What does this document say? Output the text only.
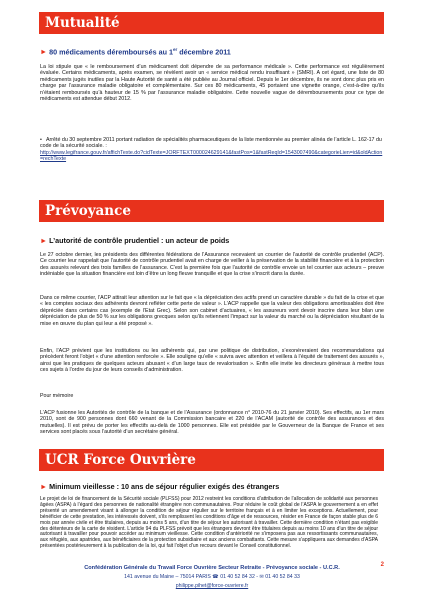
Mutualité
► 80 médicaments déremboursés au 1er décembre 2011
La loi stipule que « le remboursement d’un médicament doit dépendre de sa performance médicale ». Cette performance est régulièrement évaluée. Certains médicaments, après examen, se révèlent avoir un « service médical rendu insuffisant » (SMRI). A cet égard, une liste de 80 médicaments jugés inutiles par la Haute Autorité de santé a été publiée au Journal officiel. Depuis le 1er décembre, ils ne sont donc plus pris en charge par l’assurance maladie obligatoire et complémentaire. Sur ces 80 médicaments, 45 portaient une vignette orange, c’est-à-dire qu’ils n’étaient remboursés qu’à hauteur de 15 % par l’assurance maladie obligatoire. Cette nouvelle vague de déremboursements pour ce type de médicaments est attendue début 2012.
• Arrêté du 30 septembre 2011 portant radiation de spécialités pharmaceutiques de la liste mentionnée au premier alinéa de l’article L. 162-17 du code de la sécurité sociale. :
http://www.legifrance.gouv.fr/affichTexte.do?cidTexte=JORFTEXT000024629141&fastPos=1&fastReqId=1543007490&categorieLien=id&oldAction=rechTexte
Prévoyance
► L’autorité de contrôle prudentiel : un acteur de poids
Le 27 octobre dernier, les présidents des différentes fédérations de l’Assurance recevaient un courrier de l’autorité de contrôle prudentiel (ACP). Ce courrier leur rappelait que l’autorité de contrôle prudentiel avait en charge de veiller à la préservation de la stabilité financière et à la protection des assurés relevant des trois familles de l’assurance. C’est la première fois que l’autorité de contrôle envoie un tel courrier aux acteurs – preuve indéniable que la situation financière est loin d’être un long fleuve tranquille et que la crise s’inscrit dans la durée.
Dans ce même courrier, l’ACP attirait leur attention sur le fait que « la dépréciation des actifs prend un caractère durable » du fait de la crise et que « les comptes sociaux des adhérents devront refléter cette perte de valeur ». L’ACP rappelle que la valeur des obligations amortissables doit être dépréciée dans certains cas (exemple de l’Etat Grec). Selon son cabinet d’actuaires, « les assureurs vont devoir inscrire dans leur bilan une dépréciation de plus de 50 % sur les obligations grecques selon qu’ils retiennent l’impact sur la valeur du marché ou la dépréciation résultant de la mise en œuvre du plan qui leur a été proposé ».
Enfin, l’ACP prévient que les institutions ou les adhérents qui, par une politique de distribution, s’exonéreraient des recommandations qui précèdent feront l’objet « d’une attention renforcée ». Elle souligne qu’elle « suivra avec attention et veillera à l’équité de traitement des assurés », ainsi que les pratiques de quelques acteurs abusant « d’un large taux de revalorisation ». Enfin elle invite les directeurs généraux à mettre tous ces sujets à l’ordre du jour de leurs conseils d’administration.
Pour mémoire
L’ACP fusionne les Autorités de contrôle de la banque et de l’Assurance (ordonnance n° 2010-76 du 21 janvier 2010). Ses effectifs, au 1er mars 2010, sont de 900 personnes dont 660 venant de la Commission bancaire et 220 de l’ACAM (autorité de contrôle des assurances et des mutuelles). Il est prévu de porter les effectifs au-delà de 1000 personnes. Elle est présidée par le Gouverneur de la Banque de France et ses services sont placés sous l’autorité d’un secrétaire général.
UCR Force Ouvrière
► Minimum vieillesse : 10 ans de séjour régulier exigés des étrangers
Le projet de loi de financement de la Sécurité sociale (PLFSS) pour 2012 restreint les conditions d’attribution de l’allocation de solidarité aux personnes âgées (ASPA) à l’égard des personnes de nationalité étrangère non communautaires. Pour réduire le coût global de l’ASPA le gouvernement a en effet présenté un amendement visant à allonger la condition de séjour régulier sur le territoire français et à en limiter les exceptions. Actuellement, pour bénéficier de cette prestation, les intéressés doivent, s’ils remplissent les conditions d’âge et de ressources, résider en France de façon stable plus de 6 mois par année civile et être titulaires, depuis au moins 5 ans, d’un titre de séjour les autorisant à travailler. Cette dernière condition n’étant pas exigible des détenteurs de la carte de résident. L’article 94 du PLFSS prévoit que les étrangers devront être titulaires depuis au moins 10 ans d’un titre de séjour autorisant à travailler pour pouvoir accéder au minimum vieillesse. Cette condition d’antériorité ne s’imposera pas aux ressortissants communautaires, aux réfugiés, aux apatrides, aux bénéficiaires de la protection subsidiaire et aux anciens combattants. Cette mesure s’appliquera aux demandes d’ASPA présentées postérieurement à la publication de la loi, qui fait l’objet d’un recours devant le Conseil constitutionnel.
Confédération Générale du Travail Force Ouvrière Secteur Retraite - Prévoyance sociale - U.C.R.
141 avenue du Maine – 75014 PARIS ☎ 01 40 52 84 32 - ✉ 01 40 52 84 33
philippe.pihet@force-ouvriere.fr
2
